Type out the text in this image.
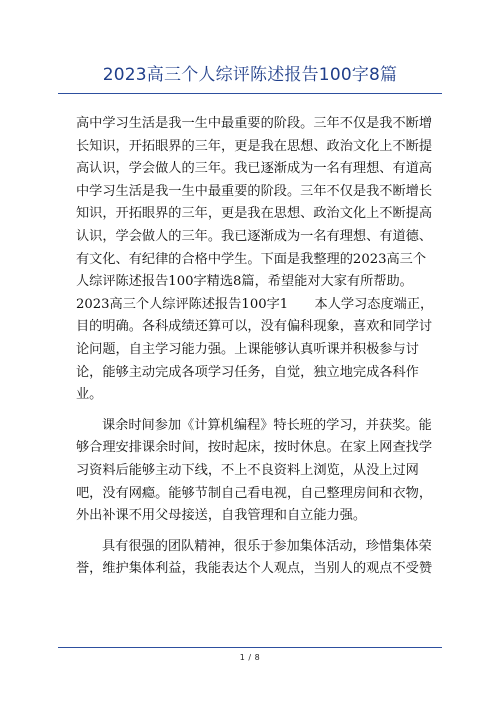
2023高三个人综评陈述报告100字8篇

高中学习生活是我一生中最重要的阶段。三年不仅是我不断增长知识，开拓眼界的三年，更是我在思想、政治文化上不断提高认识，学会做人的三年。我已逐渐成为一名有理想、有道高中学习生活是我一生中最重要的阶段。三年不仅是我不断增长知识，开拓眼界的三年，更是我在思想、政治文化上不断提高认识，学会做人的三年。我已逐渐成为一名有理想、有道德、有文化、有纪律的合格中学生。下面是我整理的2023高三个人综评陈述报告100字精选8篇，希望能对大家有所帮助。

2023高三个人综评陈述报告100字1　　本人学习态度端正，目的明确。各科成绩还算可以，没有偏科现象，喜欢和同学讨论问题，自主学习能力强。上课能够认真听课并积极参与讨论，能够主动完成各项学习任务，自觉，独立地完成各科作业。

课余时间参加《计算机编程》特长班的学习，并获奖。能够合理安排课余时间，按时起床，按时休息。在家上网查找学习资料后能够主动下线，不上不良资料上浏览，从没上过网吧，没有网瘾。能够节制自己看电视，自己整理房间和衣物，外出补课不用父母接送，自我管理和自立能力强。

具有很强的团队精神，很乐于参加集体活动，珍惜集体荣誉，维护集体利益，我能表达个人观点，当别人的观点不受赞

1 / 8
